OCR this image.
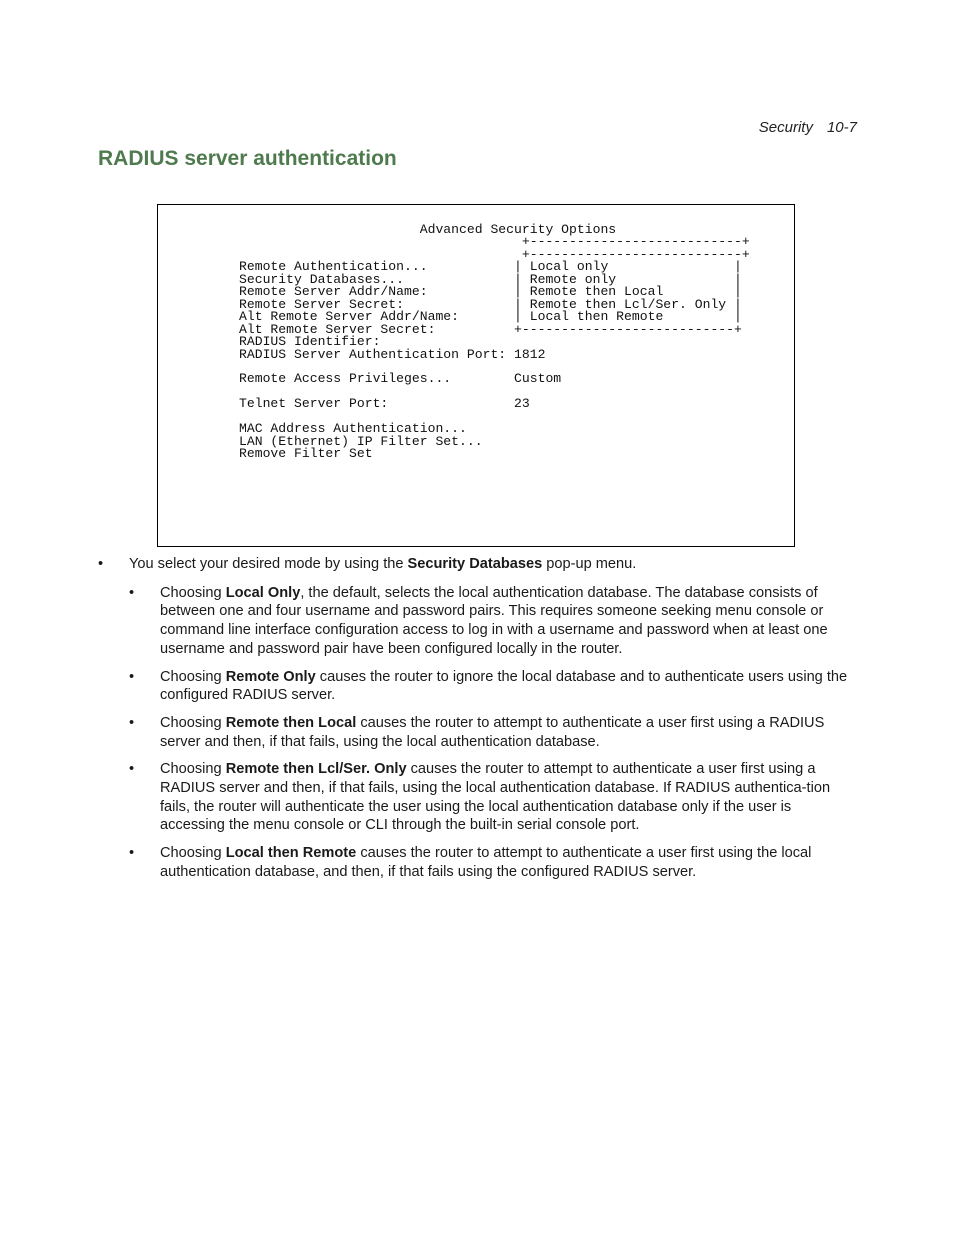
Security 10-7
RADIUS server authentication
Advanced Security Options
+---------------------------+
+---------------------------+
Remote Authentication...           | Local only                |
Security Databases...              | Remote only               |
Remote Server Addr/Name:           | Remote then Local         |
Remote Server Secret:              | Remote then Lcl/Ser. Only |
Alt Remote Server Addr/Name:       | Local then Remote         |
Alt Remote Server Secret:          +---------------------------+
RADIUS Identifier:
RADIUS Server Authentication Port: 1812

Remote Access Privileges...        Custom

Telnet Server Port:                23

MAC Address Authentication...
LAN (Ethernet) IP Filter Set...
Remove Filter Set
•	You select your desired mode by using the Security Databases pop-up menu.
•	Choosing Local Only, the default, selects the local authentication database. The database consists of between one and four username and password pairs. This requires someone seeking menu console or command line interface configuration access to log in with a username and password when at least one username and password pair have been configured locally in the router.
•	Choosing Remote Only causes the router to ignore the local database and to authenticate users using the configured RADIUS server.
•	Choosing Remote then Local causes the router to attempt to authenticate a user first using a RADIUS server and then, if that fails, using the local authentication database.
•	Choosing Remote then Lcl/Ser. Only causes the router to attempt to authenticate a user first using a RADIUS server and then, if that fails, using the local authentication database. If RADIUS authentica-tion fails, the router will authenticate the user using the local authentication database only if the user is accessing the menu console or CLI through the built-in serial console port.
•	Choosing Local then Remote causes the router to attempt to authenticate a user first using the local authentication database, and then, if that fails using the configured RADIUS server.
